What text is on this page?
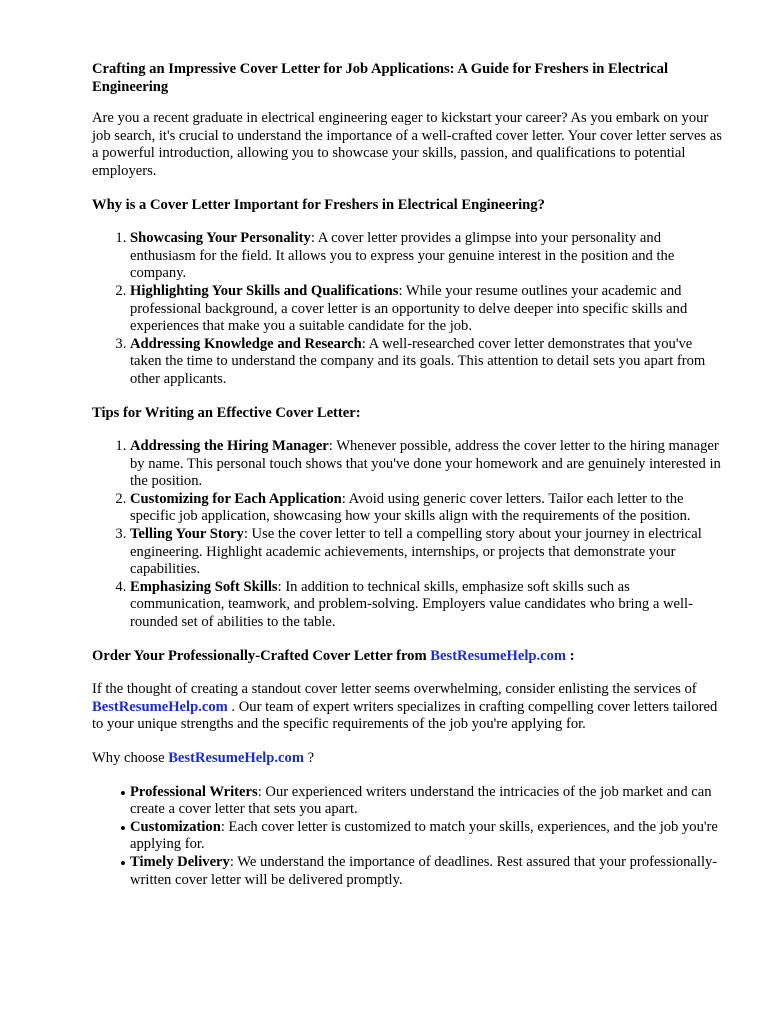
Crafting an Impressive Cover Letter for Job Applications: A Guide for Freshers in Electrical Engineering

Are you a recent graduate in electrical engineering eager to kickstart your career? As you embark on your job search, it's crucial to understand the importance of a well-crafted cover letter. Your cover letter serves as a powerful introduction, allowing you to showcase your skills, passion, and qualifications to potential employers.

Why is a Cover Letter Important for Freshers in Electrical Engineering?
1. Showcasing Your Personality: A cover letter provides a glimpse into your personality and enthusiasm for the field. It allows you to express your genuine interest in the position and the company.
2. Highlighting Your Skills and Qualifications: While your resume outlines your academic and professional background, a cover letter is an opportunity to delve deeper into specific skills and experiences that make you a suitable candidate for the job.
3. Addressing Knowledge and Research: A well-researched cover letter demonstrates that you've taken the time to understand the company and its goals. This attention to detail sets you apart from other applicants.
Tips for Writing an Effective Cover Letter:
1. Addressing the Hiring Manager: Whenever possible, address the cover letter to the hiring manager by name. This personal touch shows that you've done your homework and are genuinely interested in the position.
2. Customizing for Each Application: Avoid using generic cover letters. Tailor each letter to the specific job application, showcasing how your skills align with the requirements of the position.
3. Telling Your Story: Use the cover letter to tell a compelling story about your journey in electrical engineering. Highlight academic achievements, internships, or projects that demonstrate your capabilities.
4. Emphasizing Soft Skills: In addition to technical skills, emphasize soft skills such as communication, teamwork, and problem-solving. Employers value candidates who bring a well-rounded set of abilities to the table.
Order Your Professionally-Crafted Cover Letter from BestResumeHelp.com :

If the thought of creating a standout cover letter seems overwhelming, consider enlisting the services of BestResumeHelp.com . Our team of expert writers specializes in crafting compelling cover letters tailored to your unique strengths and the specific requirements of the job you're applying for.

Why choose BestResumeHelp.com ?

• Professional Writers: Our experienced writers understand the intricacies of the job market and can create a cover letter that sets you apart.
• Customization: Each cover letter is customized to match your skills, experiences, and the job you're applying for.
• Timely Delivery: We understand the importance of deadlines. Rest assured that your professionally-written cover letter will be delivered promptly.
